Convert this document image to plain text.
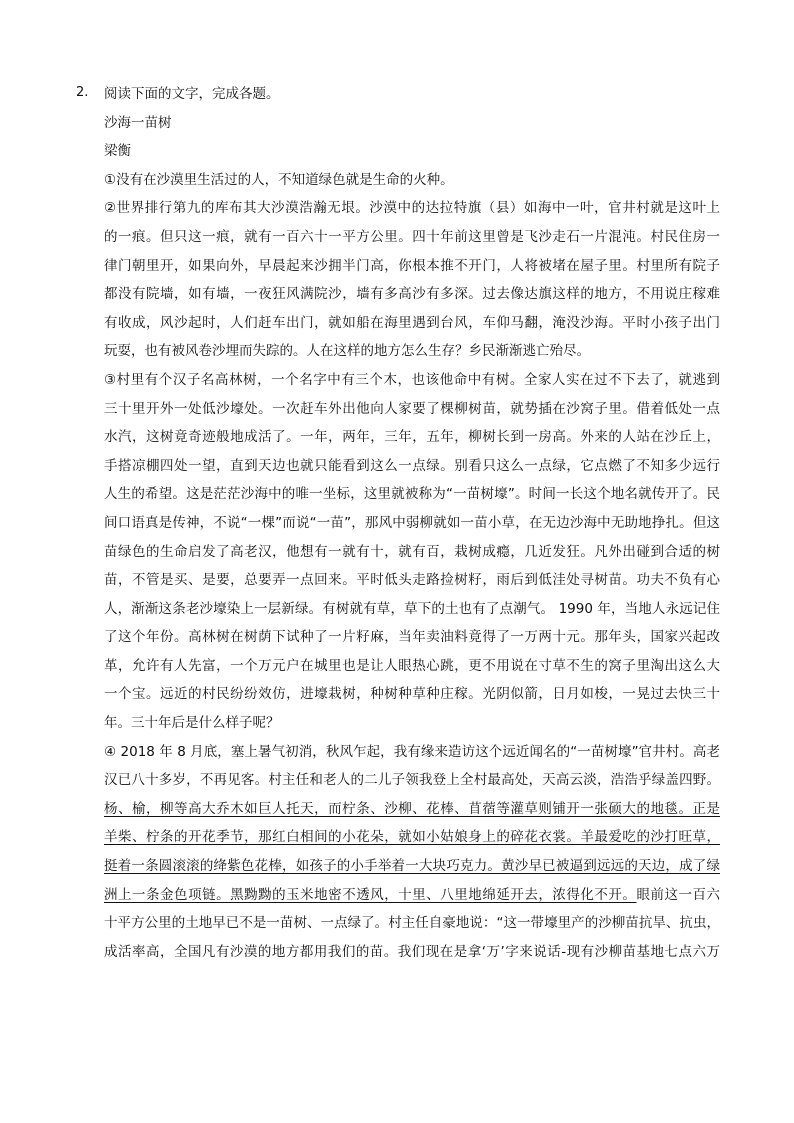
2. 阅读下面的文字，完成各题。
沙海一苗树
梁衡
①没有在沙漠里生活过的人，不知道绿色就是生命的火种。
②世界排行第九的库布其大沙漠浩瀚无垠。沙漠中的达拉特旗（县）如海中一叶，官井村就是这叶上
的一痕。但只这一痕，就有一百六十一平方公里。四十年前这里曾是飞沙走石一片混沌。村民住房一
律门朝里开，如果向外，早晨起来沙拥半门高，你根本推不开门，人将被堵在屋子里。村里所有院子
都没有院墙，如有墙，一夜狂风满院沙，墙有多高沙有多深。过去像达旗这样的地方，不用说庄稼难
有收成，风沙起时，人们赶车出门，就如船在海里遇到台风，车仰马翻，淹没沙海。平时小孩子出门
玩耍，也有被风卷沙埋而失踪的。人在这样的地方怎么生存？乡民渐渐逃亡殆尽。
③村里有个汉子名高林树，一个名字中有三个木，也该他命中有树。全家人实在过不下去了，就逃到
三十里开外一处低沙壕处。一次赶车外出他向人家要了棵柳树苗，就势插在沙窝子里。借着低处一点
水汽，这树竟奇迹般地成活了。一年，两年，三年，五年，柳树长到一房高。外来的人站在沙丘上，
手搭凉棚四处一望，直到天边也就只能看到这么一点绿。别看只这么一点绿，它点燃了不知多少远行
人生的希望。这是茫茫沙海中的唯一坐标，这里就被称为“一苗树壕”。时间一长这个地名就传开了。民
间口语真是传神，不说“一棵”而说“一苗”，那风中弱柳就如一苗小草，在无边沙海中无助地挣扎。但这
苗绿色的生命启发了高老汉，他想有一就有十，就有百，栽树成瘾，几近发狂。凡外出碰到合适的树
苗，不管是买、是要，总要弄一点回来。平时低头走路捡树籽，雨后到低洼处寻树苗。功夫不负有心
人，渐渐这条老沙壕染上一层新绿。有树就有草，草下的土也有了点潮气。 1990 年，当地人永远记住
了这个年份。高林树在树荫下试种了一片籽麻，当年卖油料竟得了一万两十元。那年头，国家兴起改
革，允许有人先富，一个万元户在城里也是让人眼热心跳，更不用说在寸草不生的窝子里淘出这么大
一个宝。远近的村民纷纷效仿，进壕栽树，种树种草种庄稼。光阴似箭，日月如梭，一晃过去快三十
年。三十年后是什么样子呢？
④ 2018 年 8 月底，塞上暑气初消，秋风乍起，我有缘来造访这个远近闻名的“一苗树壕”官井村。高老
汉已八十多岁，不再见客。村主任和老人的二儿子领我登上全村最高处，天高云淡，浩浩乎绿盖四野。
杨、榆，柳等高大乔木如巨人托天，而柠条、沙柳、花棒、苜蓿等灌草则铺开一张硕大的地毯。正是
羊柴、柠条的开花季节，那红白相间的小花朵，就如小姑娘身上的碎花衣裳。羊最爱吃的沙打旺草，
挺着一条圆滚滚的绛紫色花棒，如孩子的小手举着一大块巧克力。黄沙早已被逼到远远的天边，成了绿
洲上一条金色项链。黑黝黝的玉米地密不透风，十里、八里地绵延开去，浓得化不开。眼前这一百六
十平方公里的土地早已不是一苗树、一点绿了。村主任自豪地说：“这一带壕里产的沙柳苗抗旱、抗虫，
成活率高，全国凡有沙漠的地方都用我们的苗。我们现在是拿‘万’字来说话-现有沙柳苗基地七点六万
